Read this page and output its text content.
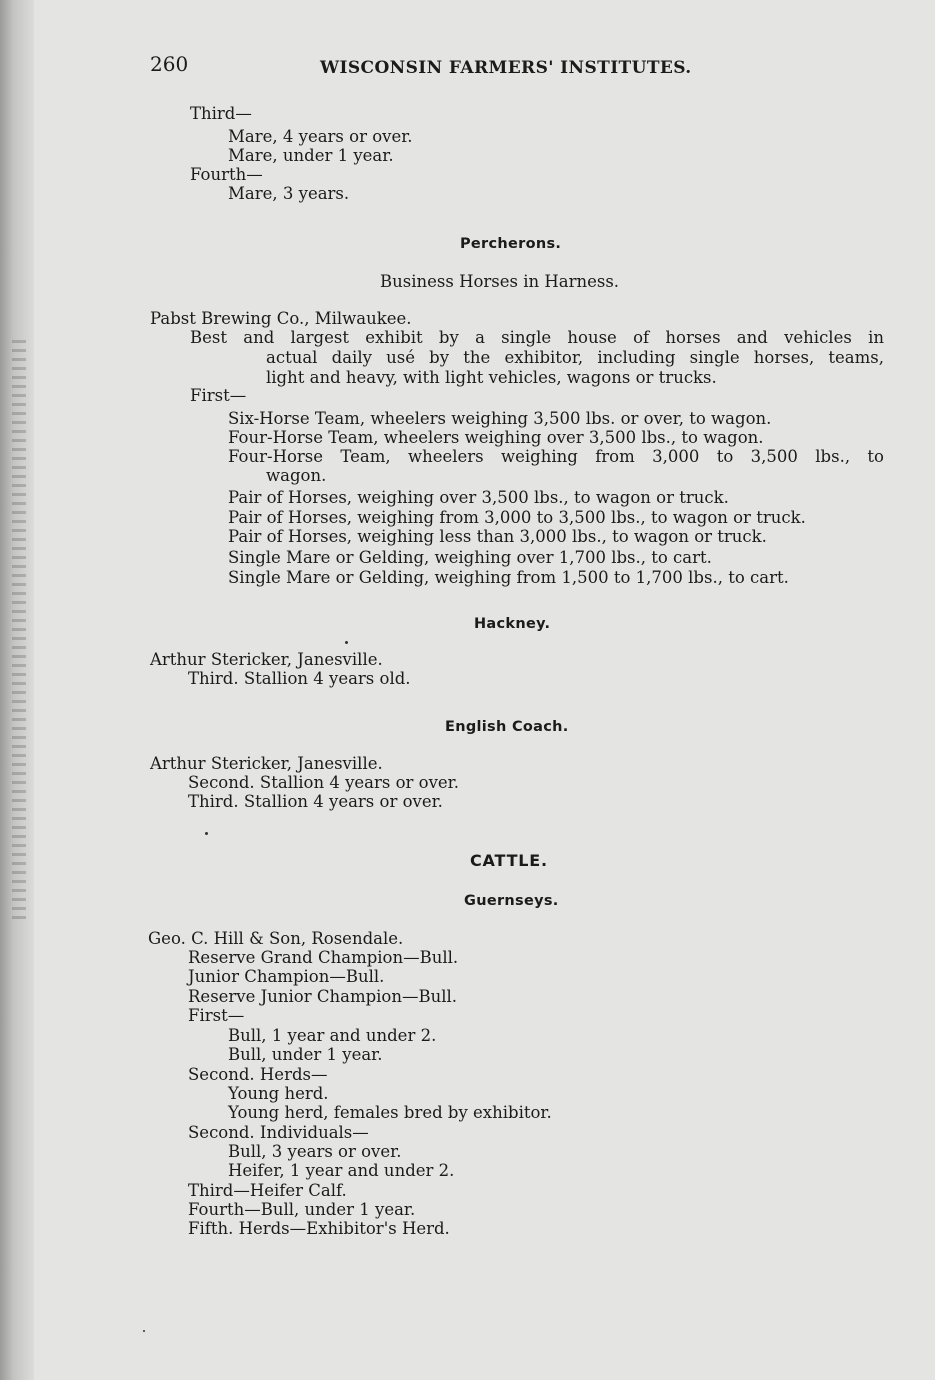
260	WISCONSIN FARMERS' INSTITUTES.

Third—

Mare, 4 years or over.

Mare, under 1 year.

Fourth—

Mare, 3 years.

Percherons.

Business Horses in Harness.

Pabst Brewing Co., Milwaukee.

Best and largest exhibit by a single house of horses and vehicles in

actual daily usé by the exhibitor, including single horses, teams,

light and heavy, with light vehicles, wagons or trucks.

First—

Six-Horse Team, wheelers weighing 3,500 lbs. or over, to wagon.

Four-Horse Team, wheelers weighing over 3,500 lbs., to wagon.

Four-Horse Team, wheelers weighing from 3,000 to 3,500 lbs., to

wagon.

Pair of Horses, weighing over 3,500 lbs., to wagon or truck.

Pair of Horses, weighing from 3,000 to 3,500 lbs., to wagon or truck.

Pair of Horses, weighing less than 3,000 lbs., to wagon or truck.

Single Mare or Gelding, weighing over 1,700 lbs., to cart.

Single Mare or Gelding, weighing from 1,500 to 1,700 lbs., to cart.

Hackney.

Arthur Stericker, Janesville.

Third. Stallion 4 years old.

English Coach.

Arthur Stericker, Janesville.

Second. Stallion 4 years or over.

Third. Stallion 4 years or over.

CATTLE.

Guernseys.

Geo. C. Hill & Son, Rosendale.

Reserve Grand Champion—Bull.

Junior Champion—Bull.

Reserve Junior Champion—Bull.

First—

Bull, 1 year and under 2.

Bull, under 1 year.

Second. Herds—

Young herd.

Young herd, females bred by exhibitor.

Second. Individuals—

Bull, 3 years or over.

Heifer, 1 year and under 2.

Third—Heifer Calf.

Fourth—Bull, under 1 year.

Fifth. Herds—Exhibitor's Herd.
